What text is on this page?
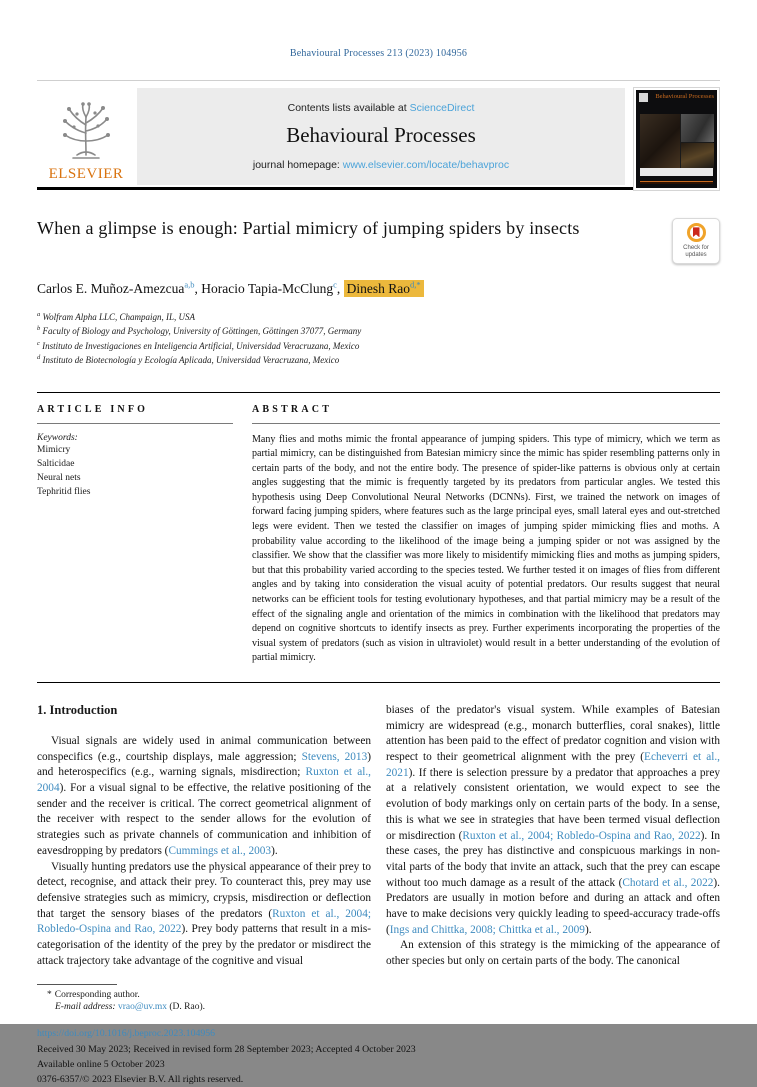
Behavioural Processes 213 (2023) 104956
ELSEVIER
Contents lists available at ScienceDirect
Behavioural Processes
journal homepage: www.elsevier.com/locate/behavproc
Behavioural Processes
When a glimpse is enough: Partial mimicry of jumping spiders by insects
Check for updates
Carlos E. Muñoz-Amezcua$^{a,b}$, Horacio Tapia-McClung$^c$, Dinesh Rao$^{d,*}$
$^a$ Wolfram Alpha LLC, Champaign, IL, USA
$^b$ Faculty of Biology and Psychology, University of Göttingen, Göttingen 37077, Germany
$^c$ Instituto de Investigaciones en Inteligencia Artificial, Universidad Veracruzana, Mexico
$^d$ Instituto de Biotecnología y Ecología Aplicada, Universidad Veracruzana, Mexico
ARTICLE INFO
Keywords:
Mimicry
Salticidae
Neural nets
Tephritid flies
ABSTRACT
Many flies and moths mimic the frontal appearance of jumping spiders. This type of mimicry, which we term as partial mimicry, can be distinguished from Batesian mimicry since the mimic has spider resembling patterns only in certain parts of the body, and not the entire body. The presence of spider-like patterns is obvious only at certain angles suggesting that the mimic is frequently targeted by its predators from particular angles. We tested this hypothesis using Deep Convolutional Neural Networks (DCNNs). First, we trained the network on images of forward facing jumping spiders, where features such as the large principal eyes, small lateral eyes and out-stretched legs were evident. Then we tested the classifier on images of jumping spider mimicking flies and moths. A probability value according to the likelihood of the image being a jumping spider or not was assigned by the classifier. We show that the classifier was more likely to misidentify mimicking flies and moths as jumping spiders, but that this probability varied according to the species tested. We further tested it on images of flies from different angles and by taking into consideration the visual acuity of potential predators. Our results suggest that neural networks can be efficient tools for testing evolutionary hypotheses, and that partial mimicry may be a result of the effect of the signaling angle and orientation of the mimics in combination with the likelihood that predators may depend on cognitive shortcuts to identify insects as prey. Further experiments incorporating the properties of the visual system of predators (such as vision in ultraviolet) would result in a better understanding of the evolution of partial mimicry.
1. Introduction

Visual signals are widely used in animal communication between conspecifics (e.g., courtship displays, male aggression; Stevens, 2013) and heterospecifics (e.g., warning signals, misdirection; Ruxton et al., 2004). For a visual signal to be effective, the relative positioning of the sender and the receiver is critical. The correct geometrical alignment of the receiver with respect to the sender allows for the evolution of strategies such as private channels of communication and inhibition of eavesdropping by predators (Cummings et al., 2003).

Visually hunting predators use the physical appearance of their prey to detect, recognise, and attack their prey. To counteract this, prey may use defensive strategies such as mimicry, crypsis, misdirection or deflection that target the sensory biases of the predators (Ruxton et al., 2004; Robledo-Ospina and Rao, 2022). Prey body patterns that result in a mis-categorisation of the identity of the prey by the predator or misdirect the attack trajectory take advantage of the cognitive and visual

biases of the predator's visual system. While examples of Batesian mimicry are widespread (e.g., monarch butterflies, coral snakes), little attention has been paid to the effect of predator cognition and vision with respect to their geometrical alignment with the prey (Echeverri et al., 2021). If there is selection pressure by a predator that approaches a prey at a relatively consistent orientation, we would expect to see the evolution of body markings only on certain parts of the body. In a sense, this is what we see in strategies that have been termed visual deflection or misdirection (Ruxton et al., 2004; Robledo-Ospina and Rao, 2022). In these cases, the prey has distinctive and conspicuous markings in non-vital parts of the body that invite an attack, such that the prey can escape without too much damage as a result of the attack (Chotard et al., 2022). Predators are usually in motion before and during an attack and often have to make decisions very quickly leading to speed-accuracy trade-offs (Ings and Chittka, 2008; Chittka et al., 2009).

An extension of this strategy is the mimicking of the appearance of other species but only on certain parts of the body. The canonical

* Corresponding author.
E-mail address: vrao@uv.mx (D. Rao).
https://doi.org/10.1016/j.beproc.2023.104956
Received 30 May 2023; Received in revised form 28 September 2023; Accepted 4 October 2023
Available online 5 October 2023
0376-6357/© 2023 Elsevier B.V. All rights reserved.
